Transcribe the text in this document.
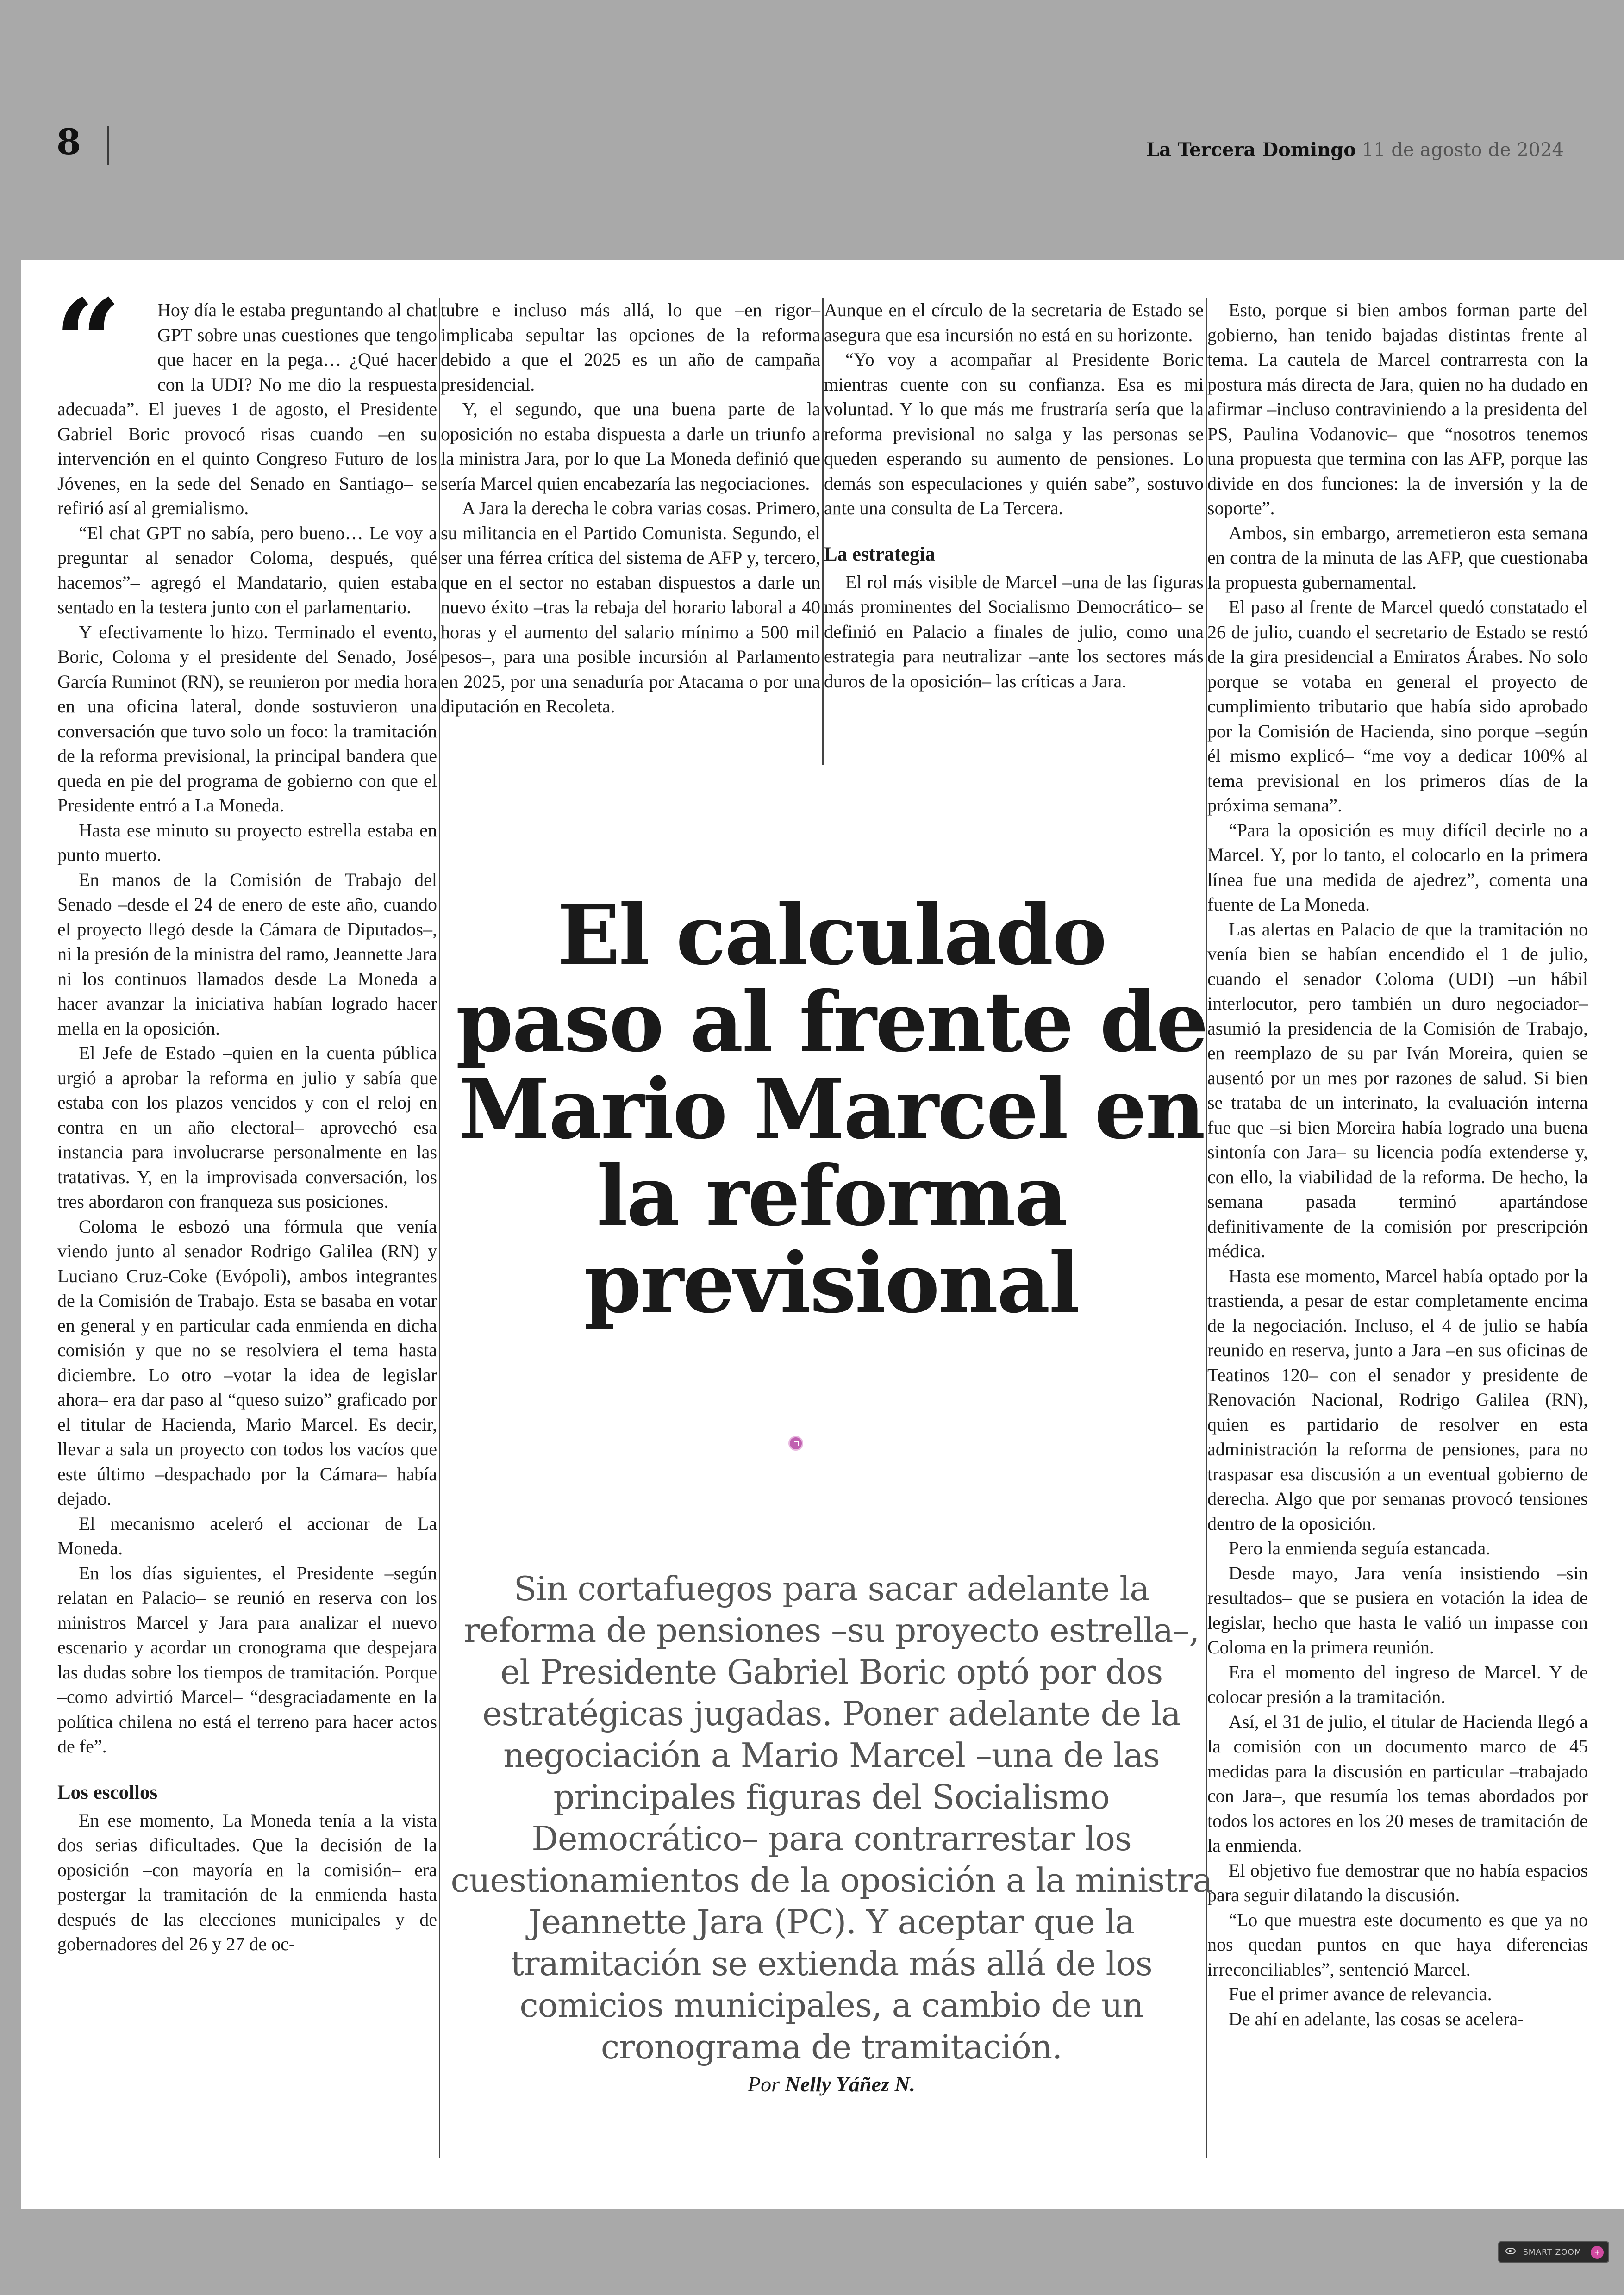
8	La Tercera Domingo 11 de agosto de 2024
“	Hoy día le estaba preguntando al chat GPT sobre unas cuestiones que tengo que hacer en la pega… ¿Qué hacer con la UDI? No me dio la respuesta adecuada”. El jueves 1 de agosto, el Presidente Gabriel Boric provocó risas cuando –en su intervención en el quinto Congreso Futuro de los Jóvenes, en la sede del Senado en Santiago– se refirió así al gremialismo.

“El chat GPT no sabía, pero bueno… Le voy a preguntar al senador Coloma, después, qué hacemos”– agregó el Mandatario, quien estaba sentado en la testera junto con el parlamentario.

Y efectivamente lo hizo. Terminado el evento, Boric, Coloma y el presidente del Senado, José García Ruminot (RN), se reunieron por media hora en una oficina lateral, donde sostuvieron una conversación que tuvo solo un foco: la tramitación de la reforma previsional, la principal bandera que queda en pie del programa de gobierno con que el Presidente entró a La Moneda.

Hasta ese minuto su proyecto estrella estaba en punto muerto.

En manos de la Comisión de Trabajo del Senado –desde el 24 de enero de este año, cuando el proyecto llegó desde la Cámara de Diputados–, ni la presión de la ministra del ramo, Jeannette Jara ni los continuos llamados desde La Moneda a hacer avanzar la iniciativa habían logrado hacer mella en la oposición.

El Jefe de Estado –quien en la cuenta pública urgió a aprobar la reforma en julio y sabía que estaba con los plazos vencidos y con el reloj en contra en un año electoral– aprovechó esa instancia para involucrarse personalmente en las tratativas. Y, en la improvisada conversación, los tres abordaron con franqueza sus posiciones.

Coloma le esbozó una fórmula que venía viendo junto al senador Rodrigo Galilea (RN) y Luciano Cruz-Coke (Evópoli), ambos integrantes de la Comisión de Trabajo. Esta se basaba en votar en general y en particular cada enmienda en dicha comisión y que no se resolviera el tema hasta diciembre. Lo otro –votar la idea de legislar ahora– era dar paso al “queso suizo” graficado por el titular de Hacienda, Mario Marcel. Es decir, llevar a sala un proyecto con todos los vacíos que este último –despachado por la Cámara– había dejado.

El mecanismo aceleró el accionar de La Moneda.

En los días siguientes, el Presidente –según relatan en Palacio– se reunió en reserva con los ministros Marcel y Jara para analizar el nuevo escenario y acordar un cronograma que despejara las dudas sobre los tiempos de tramitación. Porque –como advirtió Marcel– “desgraciadamente en la política chilena no está el terreno para hacer actos de fe”.

Los escollos

En ese momento, La Moneda tenía a la vista dos serias dificultades. Que la decisión de la oposición –con mayoría en la comisión– era postergar la tramitación de la enmienda hasta después de las elecciones municipales y de gobernadores del 26 y 27 de oc-

tubre e incluso más allá, lo que –en rigor– implicaba sepultar las opciones de la reforma debido a que el 2025 es un año de campaña presidencial.

Y, el segundo, que una buena parte de la oposición no estaba dispuesta a darle un triunfo a la ministra Jara, por lo que La Moneda definió que sería Marcel quien encabezaría las negociaciones.

A Jara la derecha le cobra varias cosas. Primero, su militancia en el Partido Comunista. Segundo, el ser una férrea crítica del sistema de AFP y, tercero, que en el sector no estaban dispuestos a darle un nuevo éxito –tras la rebaja del horario laboral a 40 horas y el aumento del salario mínimo a 500 mil pesos–, para una posible incursión al Parlamento en 2025, por una senaduría por Atacama o por una diputación en Recoleta.

Aunque en el círculo de la secretaria de Estado se asegura que esa incursión no está en su horizonte.

“Yo voy a acompañar al Presidente Boric mientras cuente con su confianza. Esa es mi voluntad. Y lo que más me frustraría sería que la reforma previsional no salga y las personas se queden esperando su aumento de pensiones. Lo demás son especulaciones y quién sabe”, sostuvo ante una consulta de La Tercera.

La estrategia

El rol más visible de Marcel –una de las figuras más prominentes del Socialismo Democrático– se definió en Palacio a finales de julio, como una estrategia para neutralizar –ante los sectores más duros de la oposición– las críticas a Jara.

Esto, porque si bien ambos forman parte del gobierno, han tenido bajadas distintas frente al tema. La cautela de Marcel contrarresta con la postura más directa de Jara, quien no ha dudado en afirmar –incluso contraviniendo a la presidenta del PS, Paulina Vodanovic– que “nosotros tenemos una propuesta que termina con las AFP, porque las divide en dos funciones: la de inversión y la de soporte”.

Ambos, sin embargo, arremetieron esta semana en contra de la minuta de las AFP, que cuestionaba la propuesta gubernamental.

El paso al frente de Marcel quedó constatado el 26 de julio, cuando el secretario de Estado se restó de la gira presidencial a Emiratos Árabes. No solo porque se votaba en general el proyecto de cumplimiento tributario que había sido aprobado por la Comisión de Hacienda, sino porque –según él mismo explicó– “me voy a dedicar 100% al tema previsional en los primeros días de la próxima semana”.

“Para la oposición es muy difícil decirle no a Marcel. Y, por lo tanto, el colocarlo en la primera línea fue una medida de ajedrez”, comenta una fuente de La Moneda.

Las alertas en Palacio de que la tramitación no venía bien se habían encendido el 1 de julio, cuando el senador Coloma (UDI) –un hábil interlocutor, pero también un duro negociador– asumió la presidencia de la Comisión de Trabajo, en reemplazo de su par Iván Moreira, quien se ausentó por un mes por razones de salud. Si bien se trataba de un interinato, la evaluación interna fue que –si bien Moreira había logrado una buena sintonía con Jara– su licencia podía extenderse y, con ello, la viabilidad de la reforma. De hecho, la semana pasada terminó apartándose definitivamente de la comisión por prescripción médica.

Hasta ese momento, Marcel había optado por la trastienda, a pesar de estar completamente encima de la negociación. Incluso, el 4 de julio se había reunido en reserva, junto a Jara –en sus oficinas de Teatinos 120– con el senador y presidente de Renovación Nacional, Rodrigo Galilea (RN), quien es partidario de resolver en esta administración la reforma de pensiones, para no traspasar esa discusión a un eventual gobierno de derecha. Algo que por semanas provocó tensiones dentro de la oposición.

Pero la enmienda seguía estancada.

Desde mayo, Jara venía insistiendo –sin resultados– que se pusiera en votación la idea de legislar, hecho que hasta le valió un impasse con Coloma en la primera reunión.

Era el momento del ingreso de Marcel. Y de colocar presión a la tramitación.

Así, el 31 de julio, el titular de Hacienda llegó a la comisión con un documento marco de 45 medidas para la discusión en particular –trabajado con Jara–, que resumía los temas abordados por todos los actores en los 20 meses de tramitación de la enmienda.

El objetivo fue demostrar que no había espacios para seguir dilatando la discusión.

“Lo que muestra este documento es que ya no nos quedan puntos en que haya diferencias irreconciliables”, sentenció Marcel.

Fue el primer avance de relevancia.

De ahí en adelante, las cosas se acelera-

El calculado paso al frente de Mario Marcel en la reforma previsional
Sin cortafuegos para sacar adelante la reforma de pensiones –su proyecto estrella–, el Presidente Gabriel Boric optó por dos estratégicas jugadas. Poner adelante de la negociación a Mario Marcel –una de las principales figuras del Socialismo Democrático– para contrarrestar los cuestionamientos de la oposición a la ministra Jeannette Jara (PC). Y aceptar que la tramitación se extienda más allá de los comicios municipales, a cambio de un cronograma de tramitación.
Por Nelly Yáñez N.
SMART ZOOM	+
